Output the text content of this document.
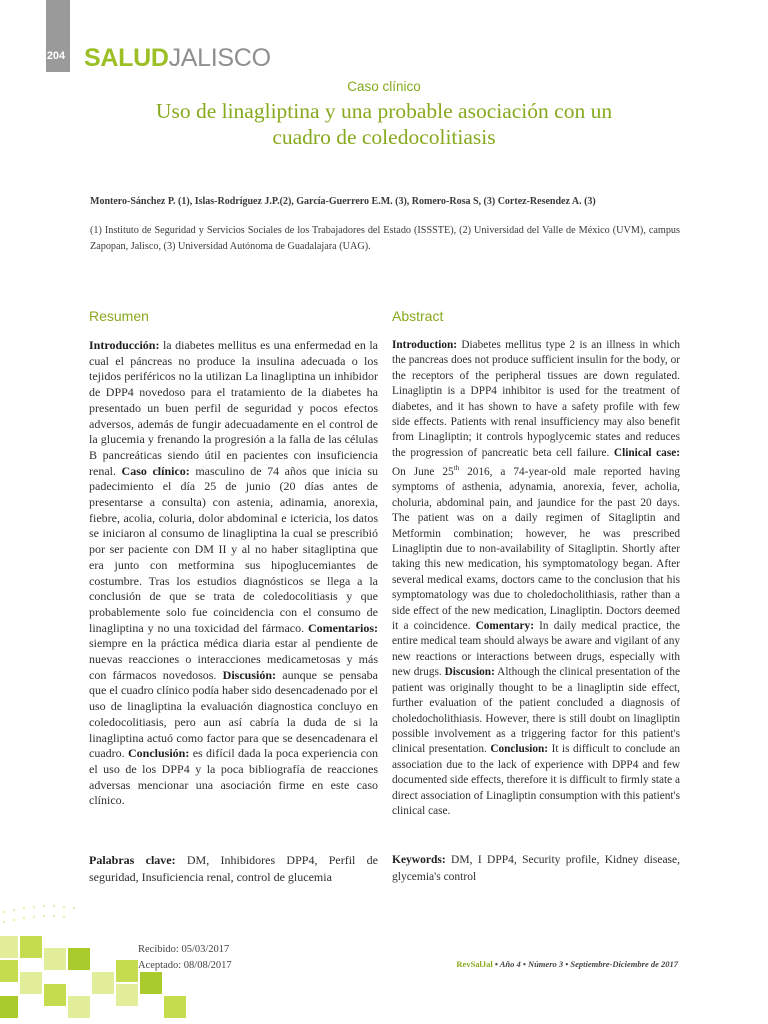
204 SALUDJALISCO
Caso clínico
Uso de linagliptina y una probable asociación con un cuadro de coledocolitiasis
Montero-Sánchez P. (1), Islas-Rodríguez J.P.(2), García-Guerrero E.M. (3), Romero-Rosa S, (3) Cortez-Resendez A. (3)
(1) Instituto de Seguridad y Servicios Sociales de los Trabajadores del Estado (ISSSTE), (2) Universidad del Valle de México (UVM), campus Zapopan, Jalisco, (3) Universidad Autónoma de Guadalajara (UAG).
Resumen	Abstract
Introducción: la diabetes mellitus es una enfermedad en la cual el páncreas no produce la insulina adecuada o los tejidos periféricos no la utilizan La linagliptina un inhibidor de DPP4 novedoso para el tratamiento de la diabetes ha presentado un buen perfil de seguridad y pocos efectos adversos, además de fungir adecuadamente en el control de la glucemia y frenando la progresión a la falla de las células B pancreáticas siendo útil en pacientes con insuficiencia renal. Caso clínico: masculino de 74 años que inicia su padecimiento el día 25 de junio (20 días antes de presentarse a consulta) con astenia, adinamia, anorexia, fiebre, acolia, coluria, dolor abdominal e ictericia, los datos se iniciaron al consumo de linagliptina la cual se prescribió por ser paciente con DM II y al no haber sitagliptina que era junto con metformina sus hipoglucemiantes de costumbre. Tras los estudios diagnósticos se llega a la conclusión de que se trata de coledocolitiasis y que probablemente solo fue coincidencia con el consumo de linagliptina y no una toxicidad del fármaco. Comentarios: siempre en la práctica médica diaria estar al pendiente de nuevas reacciones o interacciones medicametosas y más con fármacos novedosos. Discusión: aunque se pensaba que el cuadro clínico podía haber sido desencadenado por el uso de linagliptina la evaluación diagnostica concluyo en coledocolitiasis, pero aun así cabría la duda de si la linagliptina actuó como factor para que se desencadenara el cuadro. Conclusión: es difícil dada la poca experiencia con el uso de los DPP4 y la poca bibliografía de reacciones adversas mencionar una asociación firme en este caso clínico.
Introduction: Diabetes mellitus type 2 is an illness in which the pancreas does not produce sufficient insulin for the body, or the receptors of the peripheral tissues are down regulated. Linagliptin is a DPP4 inhibitor is used for the treatment of diabetes, and it has shown to have a safety profile with few side effects. Patients with renal insufficiency may also benefit from Linagliptin; it controls hypoglycemic states and reduces the progression of pancreatic beta cell failure. Clinical case: On June 25th 2016, a 74-year-old male reported having symptoms of asthenia, adynamia, anorexia, fever, acholia, choluria, abdominal pain, and jaundice for the past 20 days. The patient was on a daily regimen of Sitagliptin and Metformin combination; however, he was prescribed Linagliptin due to non-availability of Sitagliptin. Shortly after taking this new medication, his symptomatology began. After several medical exams, doctors came to the conclusion that his symptomatology was due to choledocholithiasis, rather than a side effect of the new medication, Linagliptin. Doctors deemed it a coincidence. Comentary: In daily medical practice, the entire medical team should always be aware and vigilant of any new reactions or interactions between drugs, especially with new drugs. Discusion: Although the clinical presentation of the patient was originally thought to be a linagliptin side effect, further evaluation of the patient concluded a diagnosis of choledocholithiasis. However, there is still doubt on linagliptin possible involvement as a triggering factor for this patient's clinical presentation. Conclusion: It is difficult to conclude an association due to the lack of experience with DPP4 and few documented side effects, therefore it is difficult to firmly state a direct association of Linagliptin consumption with this patient's clinical case.
Palabras clave: DM, Inhibidores DPP4, Perfil de seguridad, Insuficiencia renal, control de glucemia
Keywords: DM, I DPP4, Security profile, Kidney disease, glycemia's control
Recibido: 05/03/2017
Aceptado: 08/08/2017	RevSalJal • Año 4 • Número 3 • Septiembre-Diciembre de 2017
